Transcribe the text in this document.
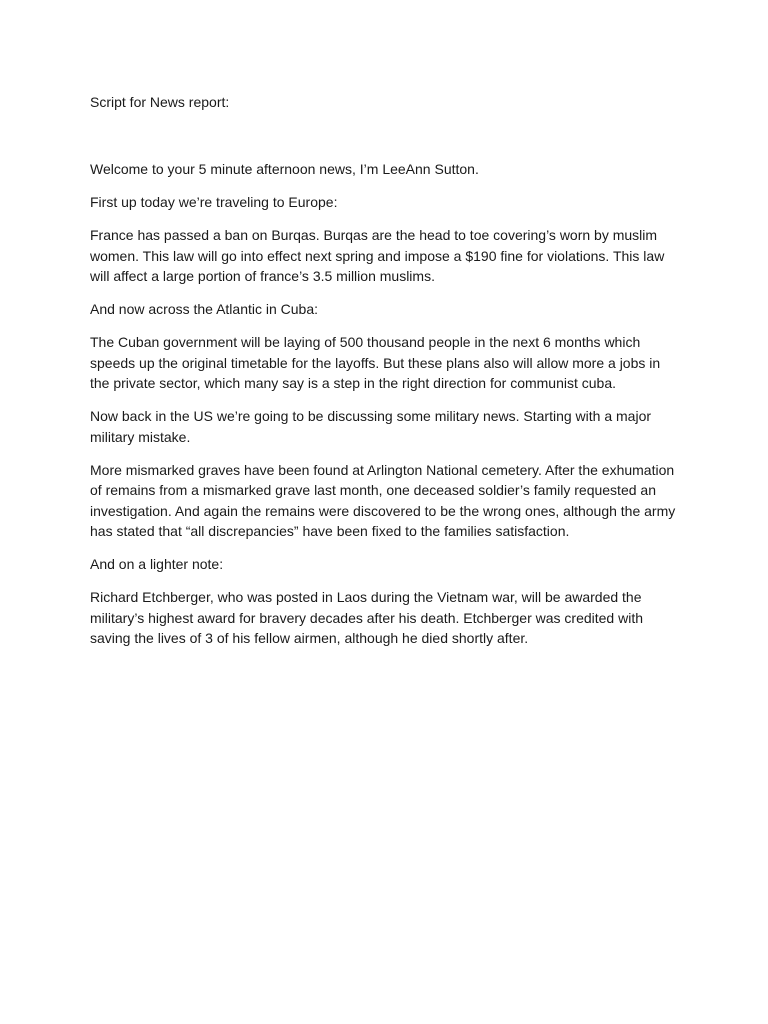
Script for News report:

Welcome to your 5 minute afternoon news, I’m LeeAnn Sutton.

First up today we’re traveling to Europe:

France has passed a ban on Burqas. Burqas are the head to toe covering’s worn by muslim women. This law will go into effect next spring and impose a $190 fine for violations. This law will affect a large portion of france’s 3.5 million muslims.

And now across the Atlantic in Cuba:

The Cuban government will be laying of 500 thousand people in the next 6 months which speeds up the original timetable for the layoffs. But these plans also will allow more a jobs in the private sector, which many say is a step in the right direction for communist cuba.

Now back in the US we’re going to be discussing some military news. Starting with a major military mistake.

More mismarked graves have been found at Arlington National cemetery. After the exhumation of remains from a mismarked grave last month, one deceased soldier’s family requested an investigation. And again the remains were discovered to be the wrong ones, although the army has stated that “all discrepancies” have been fixed to the families satisfaction.

And on a lighter note:

Richard Etchberger, who was posted in Laos during the Vietnam war, will be awarded the military’s highest award for bravery decades after his death. Etchberger was credited with saving the lives of 3 of his fellow airmen, although he died shortly after.
